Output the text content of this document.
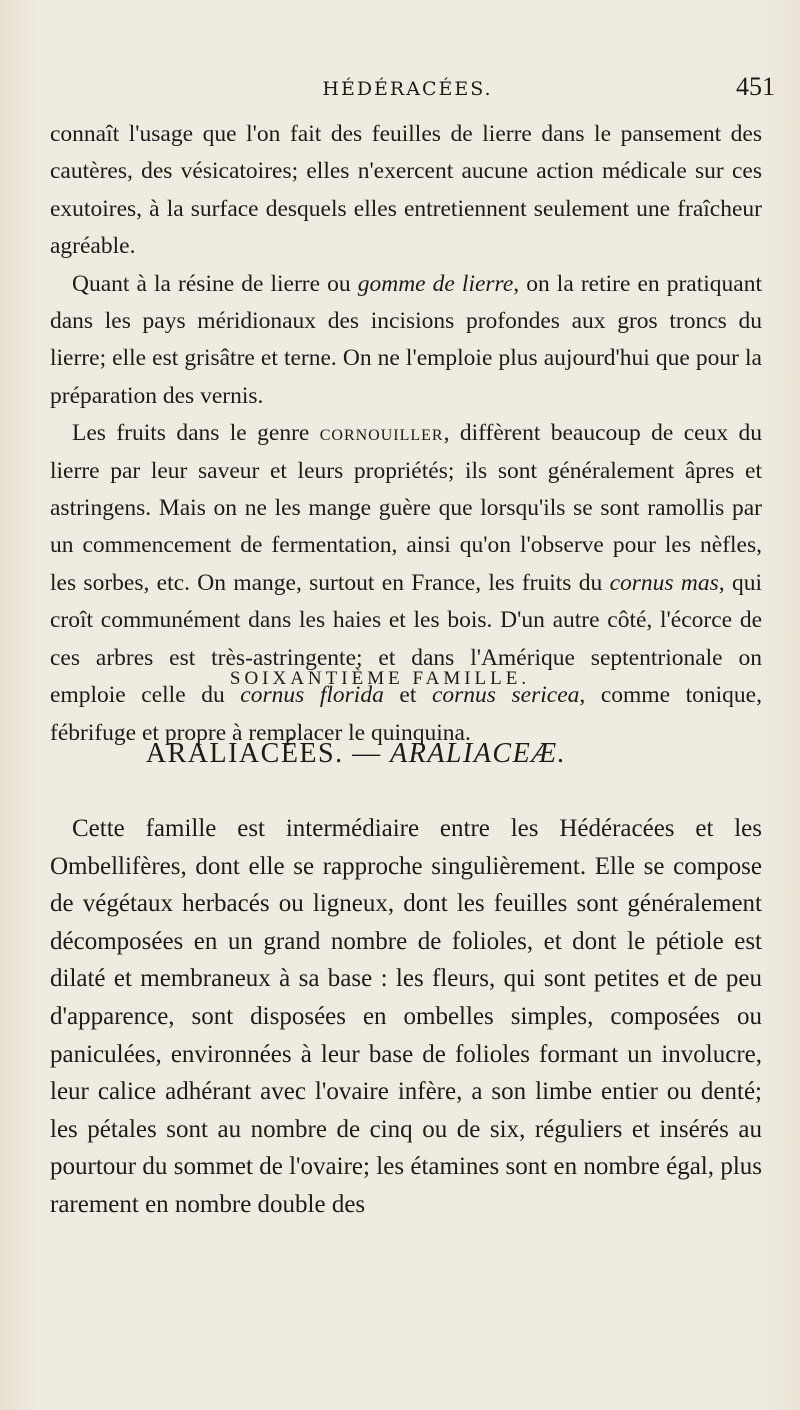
HÉDÉRACÉES.	451

connaît l'usage que l'on fait des feuilles de lierre dans le pansement des cautères, des vésicatoires; elles n'exercent aucune action médicale sur ces exutoires, à la surface desquels elles entretiennent seulement une fraîcheur agréable.

Quant à la résine de lierre ou gomme de lierre, on la retire en pratiquant dans les pays méridionaux des incisions profondes aux gros troncs du lierre; elle est grisâtre et terne. On ne l'emploie plus aujourd'hui que pour la préparation des vernis.

Les fruits dans le genre cornouiller, diffèrent beaucoup de ceux du lierre par leur saveur et leurs propriétés; ils sont généralement âpres et astringens. Mais on ne les mange guère que lorsqu'ils se sont ramollis par un commencement de fermentation, ainsi qu'on l'observe pour les nèfles, les sorbes, etc. On mange, surtout en France, les fruits du cornus mas, qui croît communément dans les haies et les bois. D'un autre côté, l'écorce de ces arbres est très-astringente; et dans l'Amérique septentrionale on emploie celle du cornus florida et cornus sericea, comme tonique, fébrifuge et propre à remplacer le quinquina.

SOIXANTIÈME FAMILLE.
ARALIACÉES. — ARALIACEÆ.

Cette famille est intermédiaire entre les Hédéracées et les Ombellifères, dont elle se rapproche singulièrement. Elle se compose de végétaux herbacés ou ligneux, dont les feuilles sont généralement décomposées en un grand nombre de folioles, et dont le pétiole est dilaté et membraneux à sa base : les fleurs, qui sont petites et de peu d'apparence, sont disposées en ombelles simples, composées ou paniculées, environnées à leur base de folioles formant un involucre, leur calice adhérant avec l'ovaire infère, a son limbe entier ou denté; les pétales sont au nombre de cinq ou de six, réguliers et insérés au pourtour du sommet de l'ovaire; les étamines sont en nombre égal, plus rarement en nombre double des
